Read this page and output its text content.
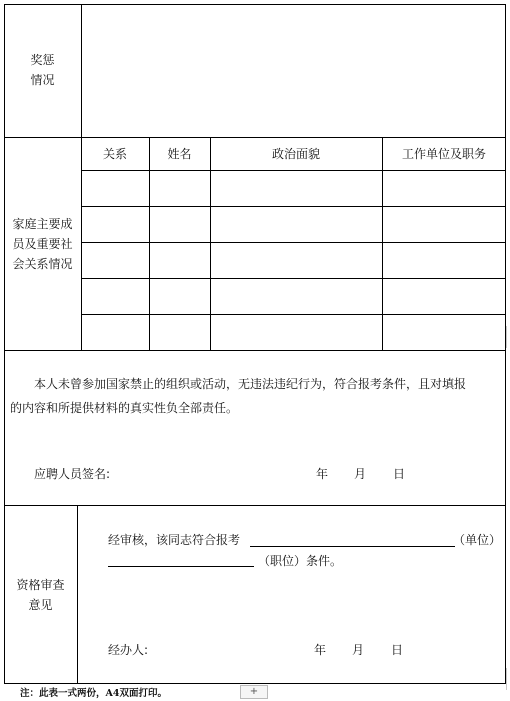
奖惩
情况
家庭主要成
员及重要社
会关系情况
关系	姓名	政治面貌	工作单位及职务
本人未曾参加国家禁止的组织或活动，无违法违纪行为，符合报考条件，且对填报
的内容和所提供材料的真实性负全部责任。
应聘人员签名:	年 月 日
资格审查
意见
经审核，该同志符合报考	（单位）
（职位）条件。
经办人:	年 月 日
注：此表一式两份，A4双面打印。	+
